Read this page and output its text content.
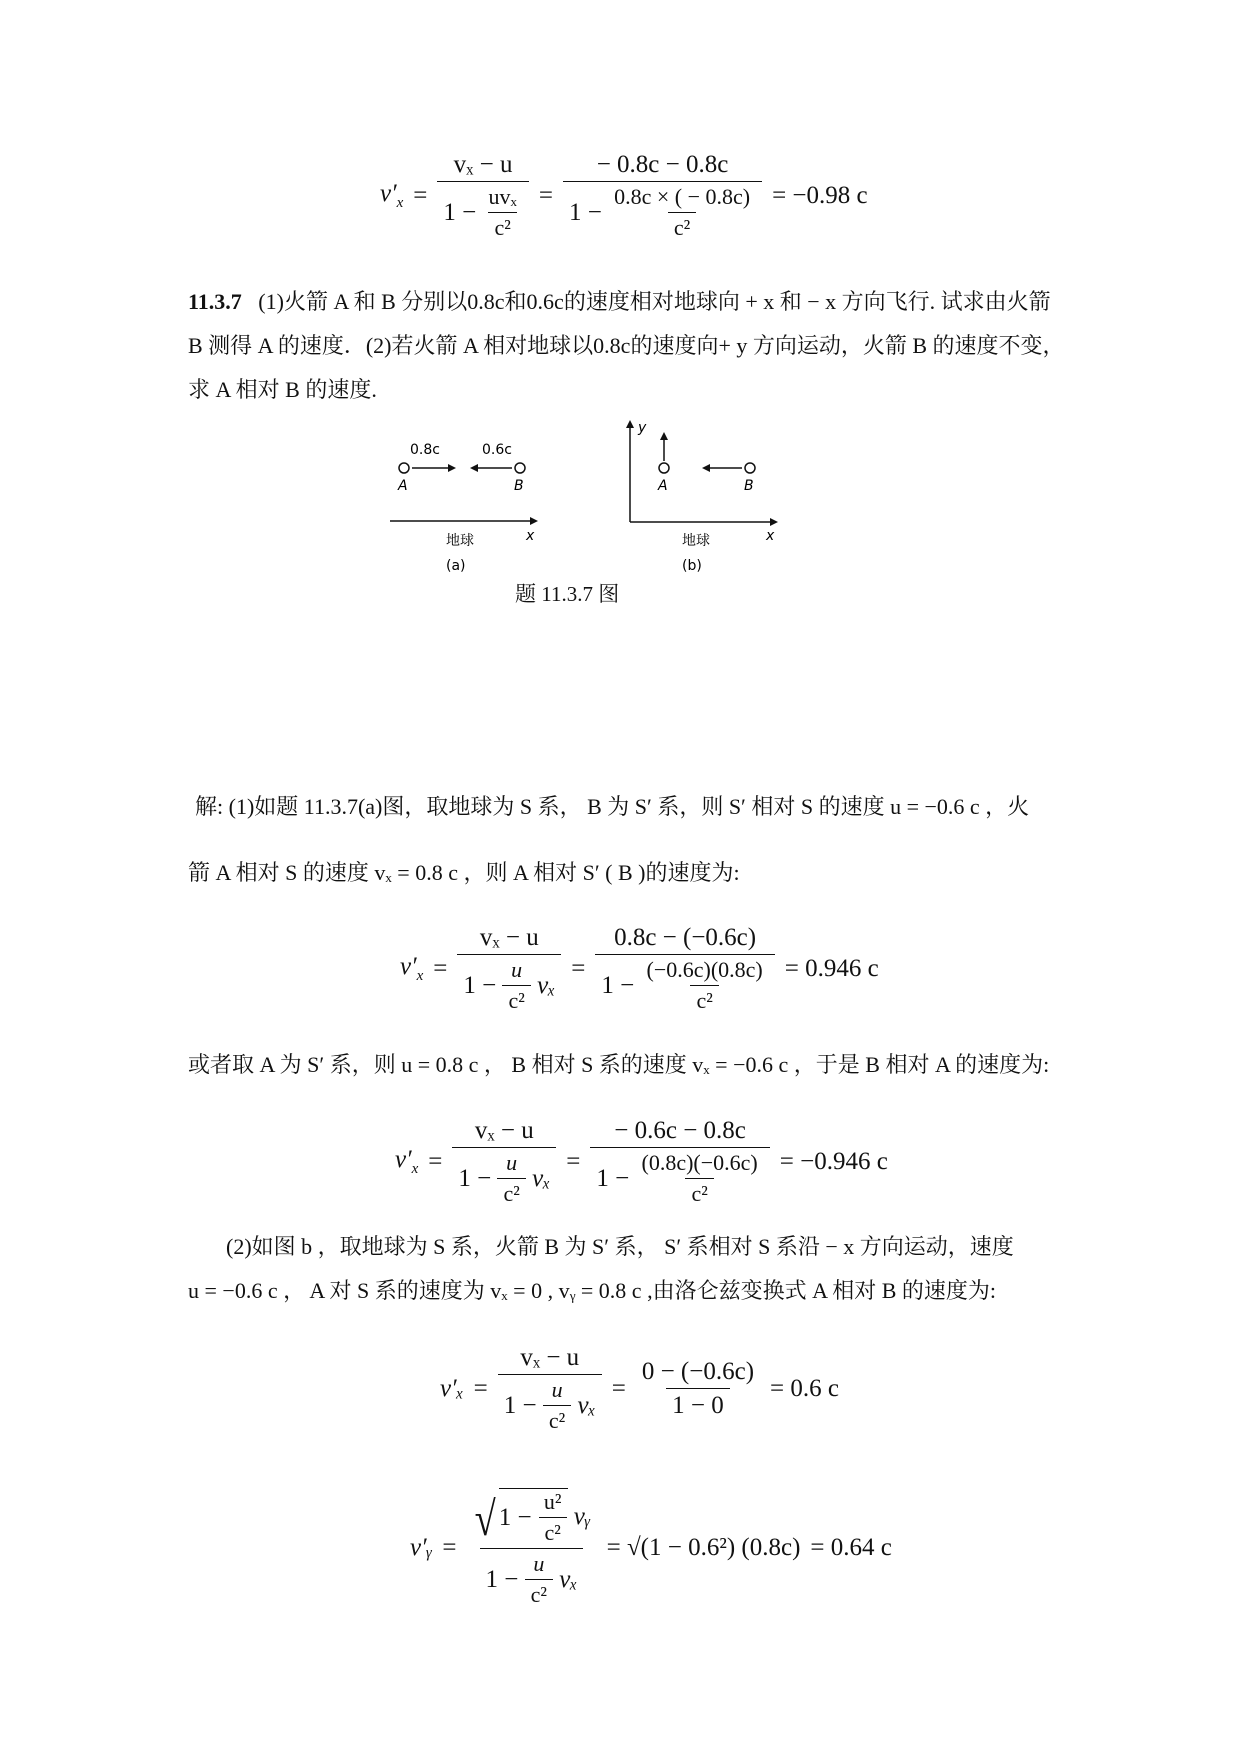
$v'_x = v_x - u$
1 −
$\frac{\text{uvₓ}}{\text{c²}}$ = − 0.8c − 0.8c
1 −
$\frac{0.8c \times ( - 0.8c)}{\text{c²}} = -0.98$ c
11.3.7 (1)火箭 A 和 B 分别以0.8c和0.6c的速度相对地球向 + x 和 − x 方向飞行. 试求由火箭
B 测得 A 的速度．(2)若火箭 A 相对地球以0.8c的速度向+ y 方向运动，火箭 B 的速度不变，
求 A 相对 B 的速度.
0.8c	0.6c
A	B
x
地球
(a)
y
x
A	B
地球
(b)
题 11.3.7 图
解: (1)如题 11.3.7(a)图，取地球为 S 系， B 为 S′ 系，则 S′ 相对 S 的速度 u = −0.6 c ，火
箭 A 相对 S 的速度 vₓ = 0.8 c ，则 A 相对 S′ ( B )的速度为:
$v'_x = v_x - u$
1 −
$\frac{u}{\text{c²}}$
vₓ = 0.8c − (−0.6c)
1 −
$\frac{(-0.6c)(0.8c)}{\text{c²}} = 0.946$ c
或者取 A 为 S′ 系，则 u = 0.8 c ， B 相对 S 系的速度 vₓ = −0.6 c ，于是 B 相对 A 的速度为:
$v'_x = v_x - u$
1 −
$\frac{u}{\text{c²}}$
vₓ = − 0.6c − 0.8c
1 −
$\frac{(0.8c)(-0.6c)}{\text{c²}} = -0.946$ c
(2)如图 b ，取地球为 S 系，火箭 B 为 S′ 系， S′ 系相对 S 系沿 − x 方向运动，速度
u = −0.6 c ， A 对 S 系的速度为 vₓ = 0 , vᵧ = 0.8 c ,由洛仑兹变换式 A 相对 B 的速度为:
v′ₓ = vₓ − u
1 −
$\frac{u}{\text{c²}}$
$v_x = \frac{0 - (-0.6c)}{1 - 0} = 0.6$ c
v′ᵧ = √ 1 −
$\frac{\text{u²}}{\text{c²}}$
vᵧ
1 −
$\frac{u}{\text{c²}}$
vₓ = √(1 − 0.6²) (0.8c) = 0.64 c
